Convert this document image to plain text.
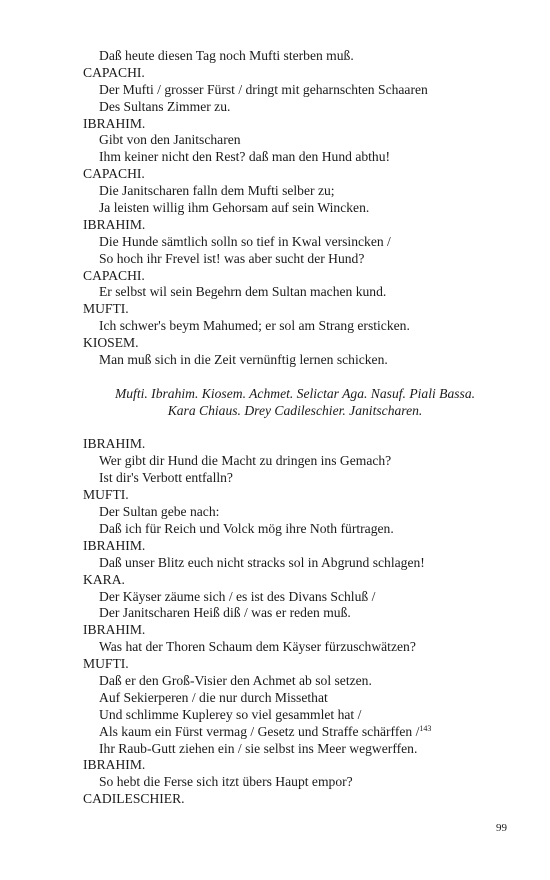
Daß heute diesen Tag noch Mufti sterben muß.
CAPACHI.
Der Mufti / grosser Fürst / dringt mit geharnschten Schaaren
Des Sultans Zimmer zu.
IBRAHIM.
Gibt von den Janitscharen
Ihm keiner nicht den Rest? daß man den Hund abthu!
CAPACHI.
Die Janitscharen falln dem Mufti selber zu;
Ja leisten willig ihm Gehorsam auf sein Wincken.
IBRAHIM.
Die Hunde sämtlich solln so tief in Kwal versincken /
So hoch ihr Frevel ist! was aber sucht der Hund?
CAPACHI.
Er selbst wil sein Begehrn dem Sultan machen kund.
MUFTI.
Ich schwer's beym Mahumed; er sol am Strang ersticken.
KIOSEM.
Man muß sich in die Zeit vernünftig lernen schicken.
Mufti. Ibrahim. Kiosem. Achmet. Selictar Aga. Nasuf. Piali Bassa.
Kara Chiaus. Drey Cadileschier. Janitscharen.
IBRAHIM.
Wer gibt dir Hund die Macht zu dringen ins Gemach?
Ist dir's Verbott entfalln?
MUFTI.
Der Sultan gebe nach:
Daß ich für Reich und Volck mög ihre Noth fürtragen.
IBRAHIM.
Daß unser Blitz euch nicht stracks sol in Abgrund schlagen!
KARA.
Der Käyser zäume sich / es ist des Divans Schluß /
Der Janitscharen Heiß diß / was er reden muß.
IBRAHIM.
Was hat der Thoren Schaum dem Käyser fürzuschwätzen?
MUFTI.
Daß er den Groß-Visier den Achmet ab sol setzen.
Auf Sekierperen / die nur durch Missethat
Und schlimme Kuplerey so viel gesammlet hat /
Als kaum ein Fürst vermag / Gesetz und Straffe schärffen /$^{143}$
Ihr Raub-Gutt ziehen ein / sie selbst ins Meer wegwerffen.
IBRAHIM.
So hebt die Ferse sich itzt übers Haupt empor?
CADILESCHIER.
99
